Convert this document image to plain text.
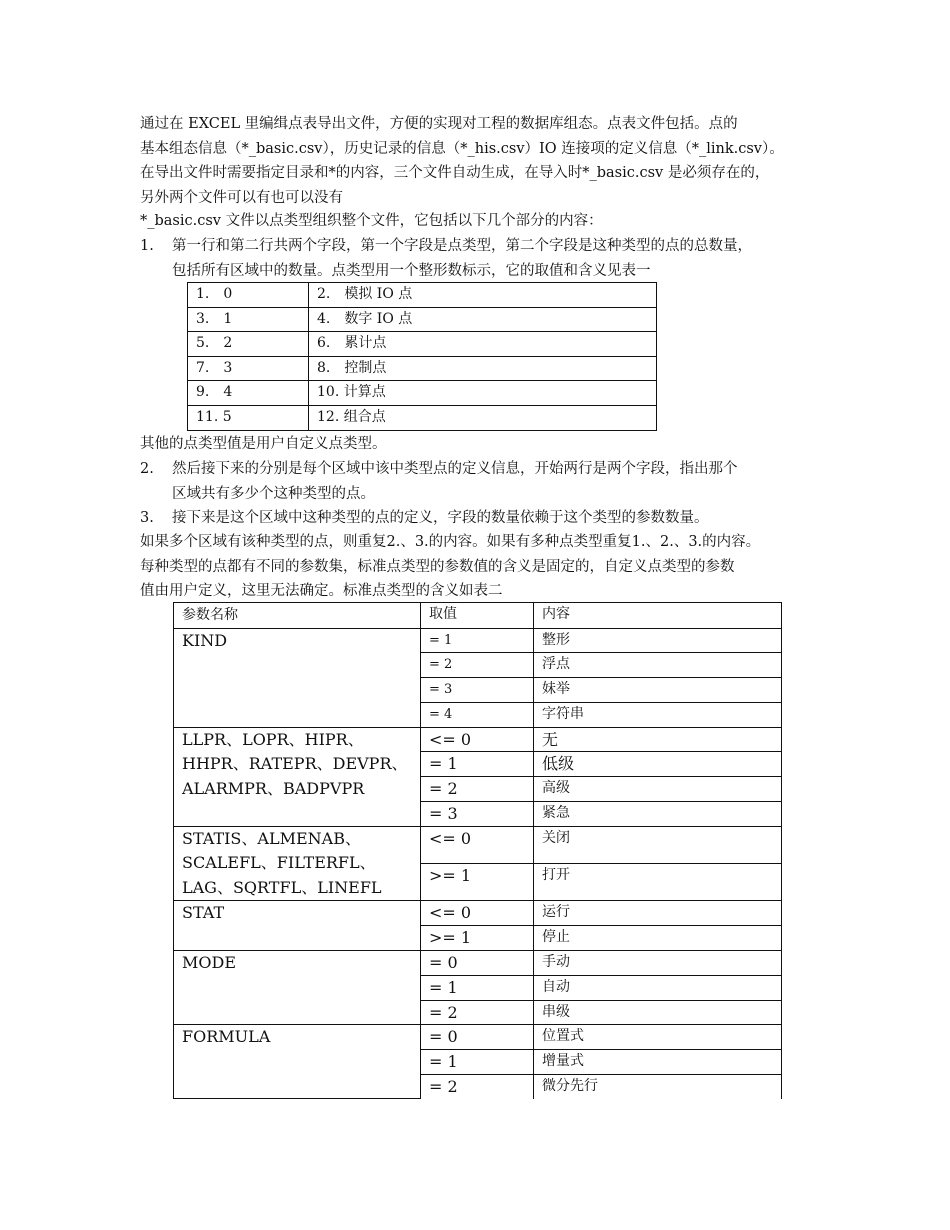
通过在 EXCEL 里编缉点表导出文件，方便的实现对工程的数据库组态。点表文件包括。点的
基本组态信息（*_basic.csv），历史记录的信息（*_his.csv）IO 连接项的定义信息（*_link.csv）。
在导出文件时需要指定目录和*的内容，三个文件自动生成，在导入时*_basic.csv 是必须存在的，
另外两个文件可以有也可以没有

*_basic.csv 文件以点类型组织整个文件，它包括以下几个部分的内容：

1.	第一行和第二行共两个字段，第一个字段是点类型，第二个字段是这种类型的点的总数量，
包括所有区域中的数量。点类型用一个整形数标示，它的取值和含义见表一
1.　0	2.　模拟 IO 点
3.　1	4.　数字 IO 点
5.　2	6.　累计点
7.　3	8.　控制点
9.　4	10. 计算点
11. 5	12. 组合点

其他的点类型值是用户自定义点类型。

2.	然后接下来的分别是每个区域中该中类型点的定义信息，开始两行是两个字段，指出那个
区域共有多少个这种类型的点。
3.	接下来是这个区域中这种类型的点的定义，字段的数量依赖于这个类型的参数数量。

如果多个区域有该种类型的点，则重复2.、3.的内容。如果有多种点类型重复1.、2.、3.的内容。
每种类型的点都有不同的参数集，标准点类型的参数值的含义是固定的，自定义点类型的参数
值由用户定义，这里无法确定。标准点类型的含义如表二

参数名称	取值	内容
KIND	= 1	整形
	= 2	浮点
	= 3	妹举
	= 4	字符串
LLPR、LOPR、HIPR、HHPR、RATEPR、DEVPR、ALARMPR、BADPVPR	<= 0	无
	= 1	低级
	= 2	高级
	= 3	紧急
STATIS、ALMENAB、SCALEFL、FILTERFL、LAG、SQRTFL、LINEFL	<= 0	关闭
	>= 1	打开
STAT	<= 0	运行
	>= 1	停止
MODE	= 0	手动
	= 1	自动
	= 2	串级
FORMULA	= 0	位置式
	= 1	增量式
	= 2	微分先行
